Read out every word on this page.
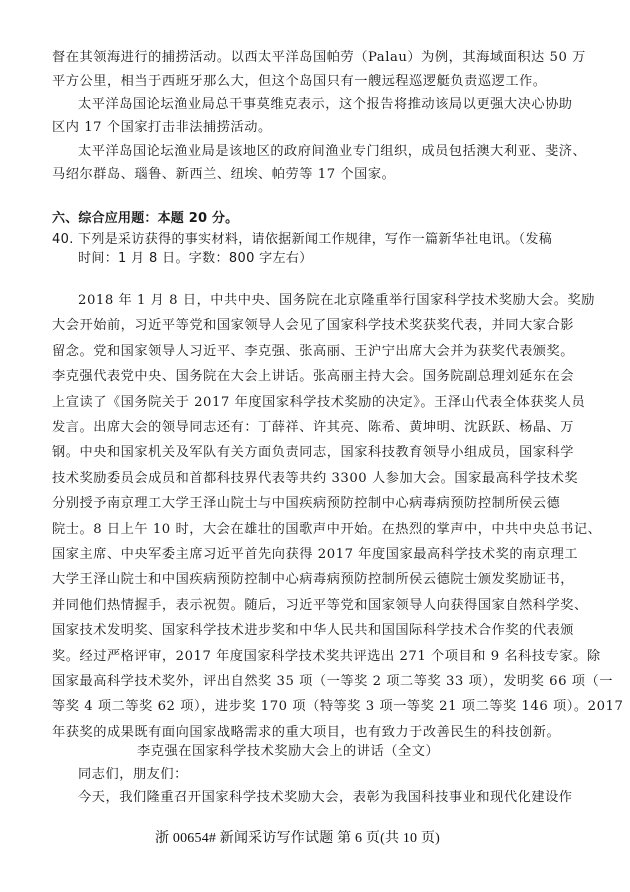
督在其领海进行的捕捞活动。以西太平洋岛国帕劳（Palau）为例，其海域面积达 50 万
平方公里，相当于西班牙那么大，但这个岛国只有一艘远程巡逻艇负责巡逻工作。
太平洋岛国论坛渔业局总干事莫维克表示，这个报告将推动该局以更强大决心协助
区内 17 个国家打击非法捕捞活动。
太平洋岛国论坛渔业局是该地区的政府间渔业专门组织，成员包括澳大利亚、斐济、
马绍尔群岛、瑙鲁、新西兰、纽埃、帕劳等 17 个国家。
六、综合应用题：本题 20 分。
40. 下列是采访获得的事实材料，请依据新闻工作规律，写作一篇新华社电讯。（发稿
时间：1 月 8 日。字数：800 字左右）
2018 年 1 月 8 日，中共中央、国务院在北京隆重举行国家科学技术奖励大会。奖励
大会开始前，习近平等党和国家领导人会见了国家科学技术奖获奖代表，并同大家合影
留念。党和国家领导人习近平、李克强、张高丽、王沪宁出席大会并为获奖代表颁奖。
李克强代表党中央、国务院在大会上讲话。张高丽主持大会。国务院副总理刘延东在会
上宣读了《国务院关于 2017 年度国家科学技术奖励的决定》。王泽山代表全体获奖人员
发言。出席大会的领导同志还有：丁薛祥、许其亮、陈希、黄坤明、沈跃跃、杨晶、万
钢。中央和国家机关及军队有关方面负责同志，国家科技教育领导小组成员，国家科学
技术奖励委员会成员和首都科技界代表等共约 3300 人参加大会。国家最高科学技术奖
分别授予南京理工大学王泽山院士与中国疾病预防控制中心病毒病预防控制所侯云德
院士。8 日上午 10 时，大会在雄壮的国歌声中开始。在热烈的掌声中，中共中央总书记、
国家主席、中央军委主席习近平首先向获得 2017 年度国家最高科学技术奖的南京理工
大学王泽山院士和中国疾病预防控制中心病毒病预防控制所侯云德院士颁发奖励证书，
并同他们热情握手，表示祝贺。随后，习近平等党和国家领导人向获得国家自然科学奖、
国家技术发明奖、国家科学技术进步奖和中华人民共和国国际科学技术合作奖的代表颁
奖。经过严格评审，2017 年度国家科学技术奖共评选出 271 个项目和 9 名科技专家。除
国家最高科学技术奖外，评出自然奖 35 项（一等奖 2 项二等奖 33 项），发明奖 66 项（一
等奖 4 项二等奖 62 项），进步奖 170 项（特等奖 3 项一等奖 21 项二等奖 146 项）。2017
年获奖的成果既有面向国家战略需求的重大项目，也有致力于改善民生的科技创新。
李克强在国家科学技术奖励大会上的讲话（全文）
同志们，朋友们：
今天，我们隆重召开国家科学技术奖励大会，表彰为我国科技事业和现代化建设作
浙 00654# 新闻采访写作试题 第 6 页(共 10 页)
